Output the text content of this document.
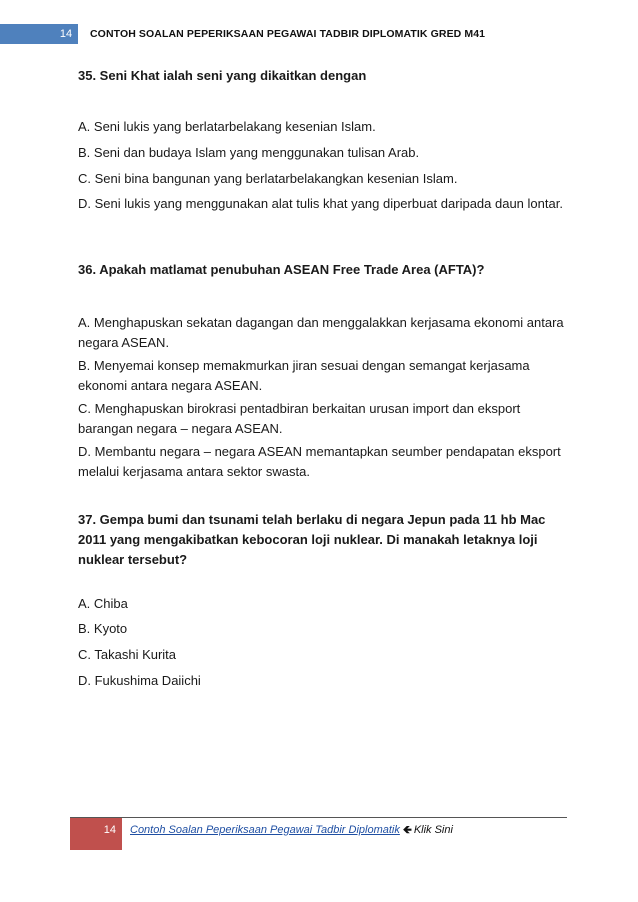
14	CONTOH SOALAN PEPERIKSAAN PEGAWAI TADBIR DIPLOMATIK GRED M41
35. Seni Khat ialah seni yang dikaitkan dengan
A. Seni lukis yang berlatarbelakang kesenian Islam.
B. Seni dan budaya Islam yang menggunakan tulisan Arab.
C. Seni bina bangunan yang berlatarbelakangkan kesenian Islam.
D. Seni lukis yang menggunakan alat tulis khat yang diperbuat daripada daun lontar.
36. Apakah matlamat penubuhan ASEAN Free Trade Area (AFTA)?
A. Menghapuskan sekatan dagangan dan menggalakkan kerjasama ekonomi antara negara ASEAN.
B. Menyemai konsep memakmurkan jiran sesuai dengan semangat kerjasama ekonomi antara negara ASEAN.
C. Menghapuskan birokrasi pentadbiran berkaitan urusan import dan eksport barangan negara – negara ASEAN.
D. Membantu negara – negara ASEAN memantapkan seumber pendapatan eksport melalui kerjasama antara sektor swasta.
37. Gempa bumi dan tsunami telah berlaku di negara Jepun pada 11 hb Mac 2011 yang mengakibatkan kebocoran loji nuklear. Di manakah letaknya loji nuklear tersebut?
A. Chiba
B. Kyoto
C. Takashi Kurita
D. Fukushima Daiichi
14	Contoh Soalan Peperiksaan Pegawai Tadbir Diplomatik 🡸 Klik Sini
